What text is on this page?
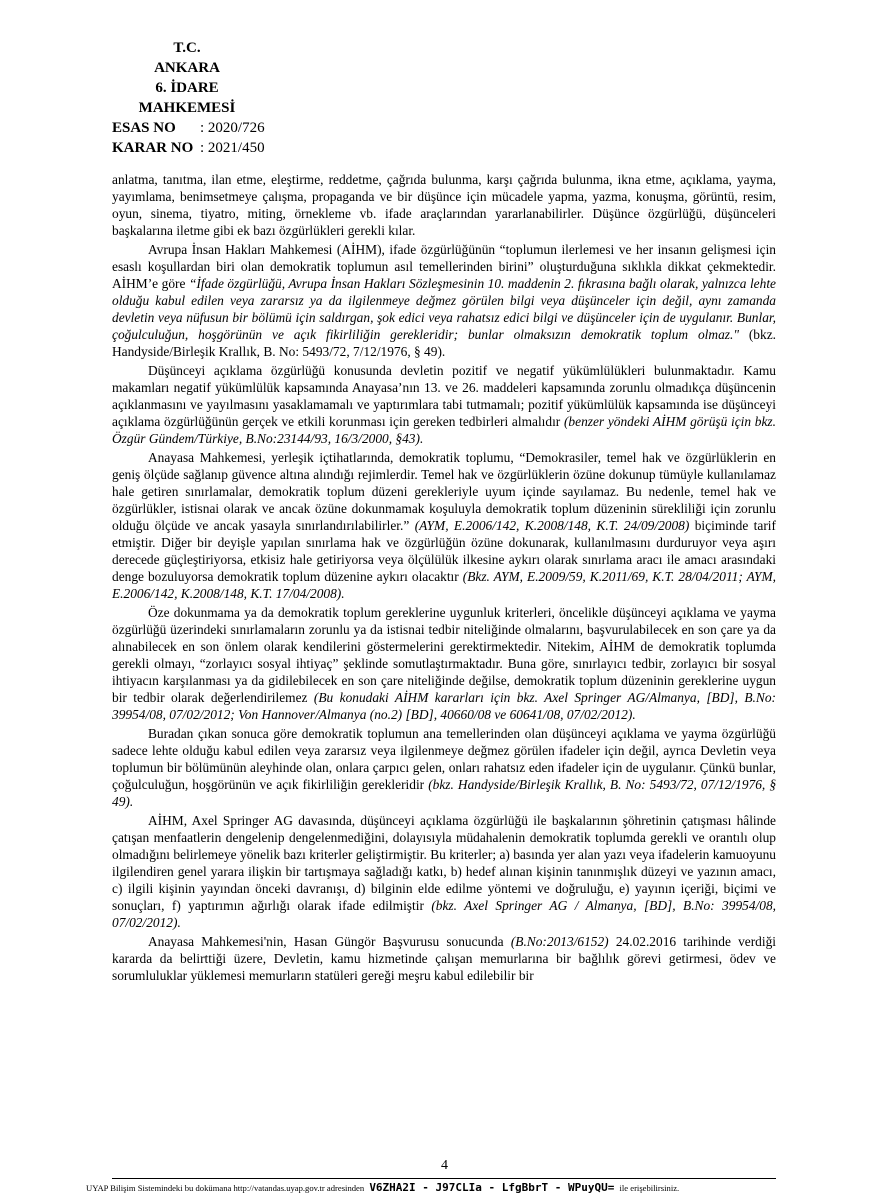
T.C.
ANKARA
6. İDARE MAHKEMESİ
ESAS NO : 2020/726
KARAR NO : 2021/450

anlatma, tanıtma, ilan etme, eleştirme, reddetme, çağrıda bulunma, karşı çağrıda bulunma, ikna etme, açıklama, yayma, yayımlama, benimsetmeye çalışma, propaganda ve bir düşünce için mücadele yapma, yazma, konuşma, görüntü, resim, oyun, sinema, tiyatro, miting, örnekleme vb. ifade araçlarından yararlanabilirler. Düşünce özgürlüğü, düşünceleri başkalarına iletme gibi ek bazı özgürlükleri gerekli kılar.

Avrupa İnsan Hakları Mahkemesi (AİHM), ifade özgürlüğünün “toplumun ilerlemesi ve her insanın gelişmesi için esaslı koşullardan biri olan demokratik toplumun asıl temellerinden birini” oluşturduğuna sıklıkla dikkat çekmektedir. AİHM’e göre “İfade özgürlüğü, Avrupa İnsan Hakları Sözleşmesinin 10. maddenin 2. fıkrasına bağlı olarak, yalnızca lehte olduğu kabul edilen veya zararsız ya da ilgilenmeye değmez görülen bilgi veya düşünceler için değil, aynı zamanda devletin veya nüfusun bir bölümü için saldırgan, şok edici veya rahatsız edici bilgi ve düşünceler için de uygulanır. Bunlar, çoğulculuğun, hoşgörünün ve açık fikirliliğin gerekleridir; bunlar olmaksızın demokratik toplum olmaz." (bkz. Handyside/Birleşik Krallık, B. No: 5493/72, 7/12/1976, § 49).

Düşünceyi açıklama özgürlüğü konusunda devletin pozitif ve negatif yükümlülükleri bulunmaktadır. Kamu makamları negatif yükümlülük kapsamında Anayasa’nın 13. ve 26. maddeleri kapsamında zorunlu olmadıkça düşüncenin açıklanmasını ve yayılmasını yasaklamamalı ve yaptırımlara tabi tutmamalı; pozitif yükümlülük kapsamında ise düşünceyi açıklama özgürlüğünün gerçek ve etkili korunması için gereken tedbirleri almalıdır (benzer yöndeki AİHM görüşü için bkz. Özgür Gündem/Türkiye, B.No:23144/93, 16/3/2000, §43).

Anayasa Mahkemesi, yerleşik içtihatlarında, demokratik toplumu, “Demokrasiler, temel hak ve özgürlüklerin en geniş ölçüde sağlanıp güvence altına alındığı rejimlerdir. Temel hak ve özgürlüklerin özüne dokunup tümüyle kullanılamaz hale getiren sınırlamalar, demokratik toplum düzeni gerekleriyle uyum içinde sayılamaz. Bu nedenle, temel hak ve özgürlükler, istisnai olarak ve ancak özüne dokunmamak koşuluyla demokratik toplum düzeninin sürekliliği için zorunlu olduğu ölçüde ve ancak yasayla sınırlandırılabilirler.” (AYM, E.2006/142, K.2008/148, K.T. 24/09/2008) biçiminde tarif etmiştir. Diğer bir deyişle yapılan sınırlama hak ve özgürlüğün özüne dokunarak, kullanılmasını durduruyor veya aşırı derecede güçleştiriyorsa, etkisiz hale getiriyorsa veya ölçülülük ilkesine aykırı olarak sınırlama aracı ile amacı arasındaki denge bozuluyorsa demokratik toplum düzenine aykırı olacaktır (Bkz. AYM, E.2009/59, K.2011/69, K.T. 28/04/2011; AYM, E.2006/142, K.2008/148, K.T. 17/04/2008).

Öze dokunmama ya da demokratik toplum gereklerine uygunluk kriterleri, öncelikle düşünceyi açıklama ve yayma özgürlüğü üzerindeki sınırlamaların zorunlu ya da istisnai tedbir niteliğinde olmalarını, başvurulabilecek en son çare ya da alınabilecek en son önlem olarak kendilerini göstermelerini gerektirmektedir. Nitekim, AİHM de demokratik toplumda gerekli olmayı, “zorlayıcı sosyal ihtiyaç” şeklinde somutlaştırmaktadır. Buna göre, sınırlayıcı tedbir, zorlayıcı bir sosyal ihtiyacın karşılanması ya da gidilebilecek en son çare niteliğinde değilse, demokratik toplum düzeninin gereklerine uygun bir tedbir olarak değerlendirilemez (Bu konudaki AİHM kararları için bkz. Axel Springer AG/Almanya, [BD], B.No: 39954/08, 07/02/2012; Von Hannover/Almanya (no.2) [BD], 40660/08 ve 60641/08, 07/02/2012).

Buradan çıkan sonuca göre demokratik toplumun ana temellerinden olan düşünceyi açıklama ve yayma özgürlüğü sadece lehte olduğu kabul edilen veya zararsız veya ilgilenmeye değmez görülen ifadeler için değil, ayrıca Devletin veya toplumun bir bölümünün aleyhinde olan, onlara çarpıcı gelen, onları rahatsız eden ifadeler için de uygulanır. Çünkü bunlar, çoğulculuğun, hoşgörünün ve açık fikirliliğin gerekleridir (bkz. Handyside/Birleşik Krallık, B. No: 5493/72, 07/12/1976, § 49).

AİHM, Axel Springer AG davasında, düşünceyi açıklama özgürlüğü ile başkalarının şöhretinin çatışması hâlinde çatışan menfaatlerin dengelenip dengelenmediğini, dolayısıyla müdahalenin demokratik toplumda gerekli ve orantılı olup olmadığını belirlemeye yönelik bazı kriterler geliştirmiştir. Bu kriterler; a) basında yer alan yazı veya ifadelerin kamuoyunu ilgilendiren genel yarara ilişkin bir tartışmaya sağladığı katkı, b) hedef alınan kişinin tanınmışlık düzeyi ve yazının amacı, c) ilgili kişinin yayından önceki davranışı, d) bilginin elde edilme yöntemi ve doğruluğu, e) yayının içeriği, biçimi ve sonuçları, f) yaptırımın ağırlığı olarak ifade edilmiştir (bkz. Axel Springer AG / Almanya, [BD], B.No: 39954/08, 07/02/2012).

Anayasa Mahkemesi'nin, Hasan Güngör Başvurusu sonucunda (B.No:2013/6152) 24.02.2016 tarihinde verdiği kararda da belirttiği üzere, Devletin, kamu hizmetinde çalışan memurlarına bir bağlılık görevi getirmesi, ödev ve sorumluluklar yüklemesi memurların statüleri gereği meşru kabul edilebilir bir

4
UYAP Bilişim Sistemindeki bu dokümana http://vatandas.uyap.gov.tr adresinden V6ZHA2I - J97CLIa - LfgBbrT - WPuyQU= ile erişebilirsiniz.
